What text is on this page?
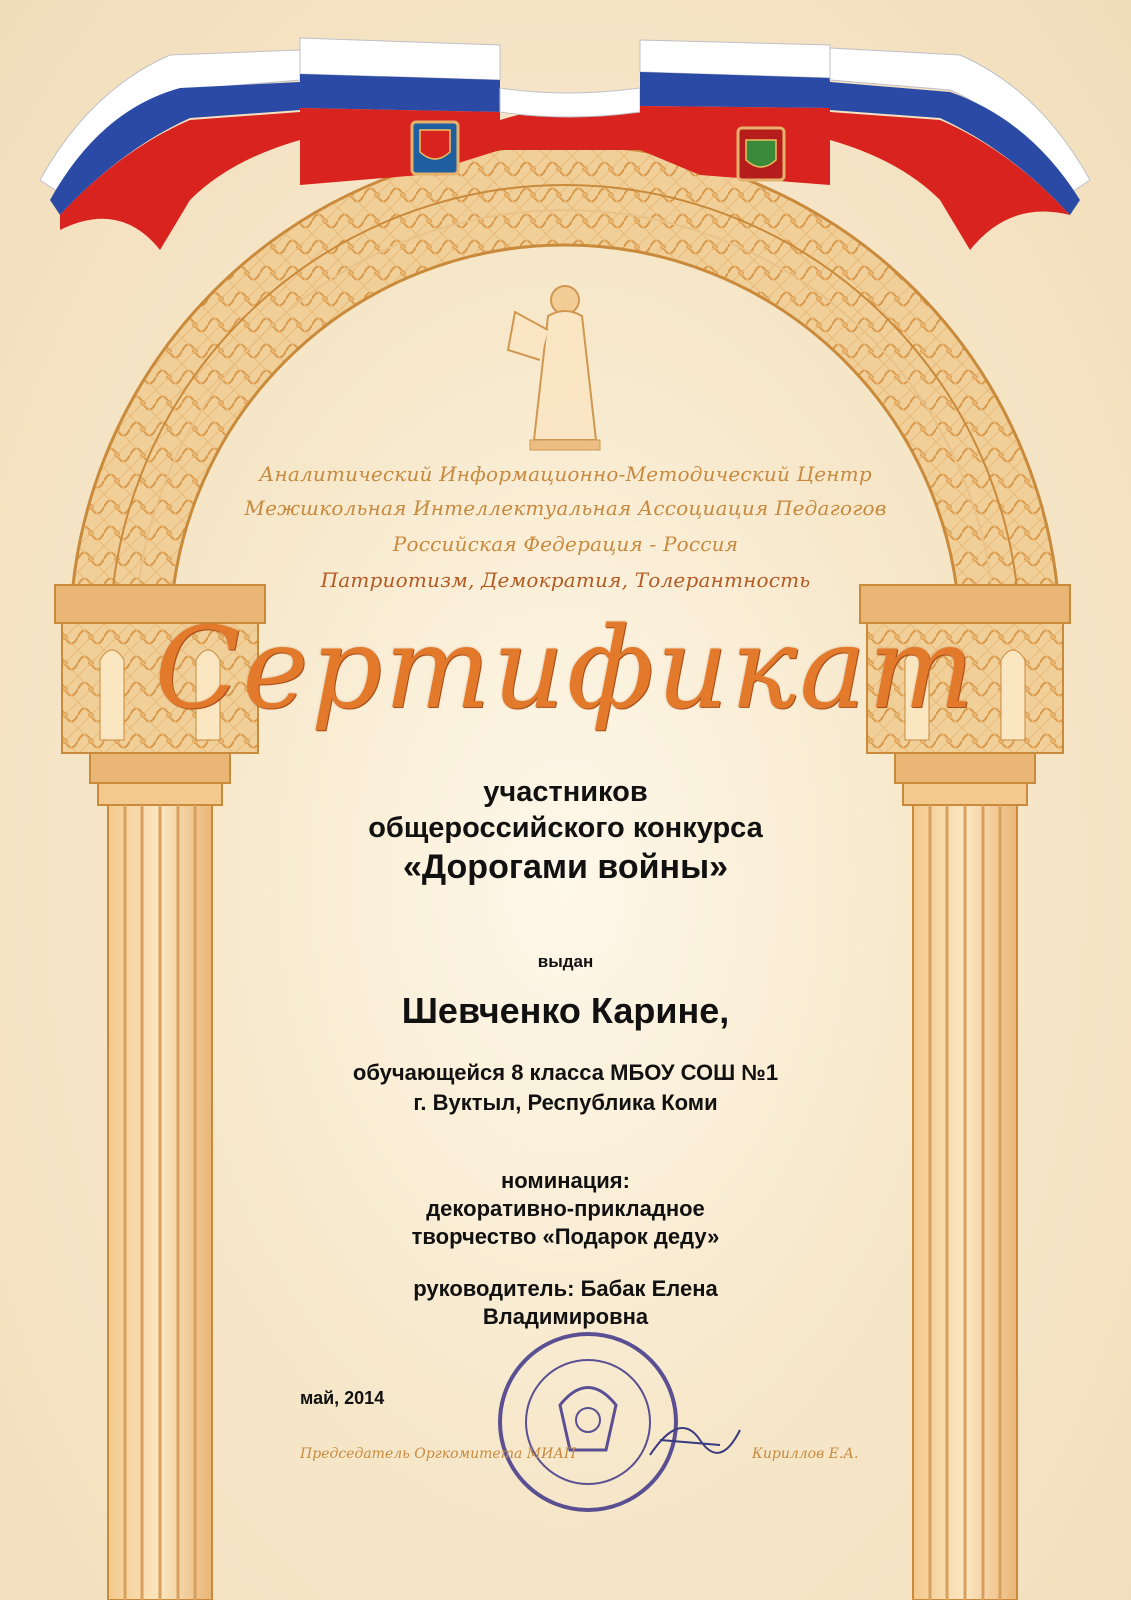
Аналитический Информационно-Методический Центр
Межшкольная Интеллектуальная Ассоциация Педагогов
Российская Федерация - Россия
Патриотизм, Демократия, Толерантность
Сертификат
участников
общероссийского конкурса
«Дорогами войны»
выдан
Шевченко Карине,
обучающейся 8 класса МБОУ СОШ №1
г. Вуктыл, Республика Коми
номинация:
декоративно-прикладное
творчество «Подарок деду»
руководитель: Бабак Елена
Владимировна
май, 2014
Председатель Оргкомитета МИАП	Кириллов Е.А.
